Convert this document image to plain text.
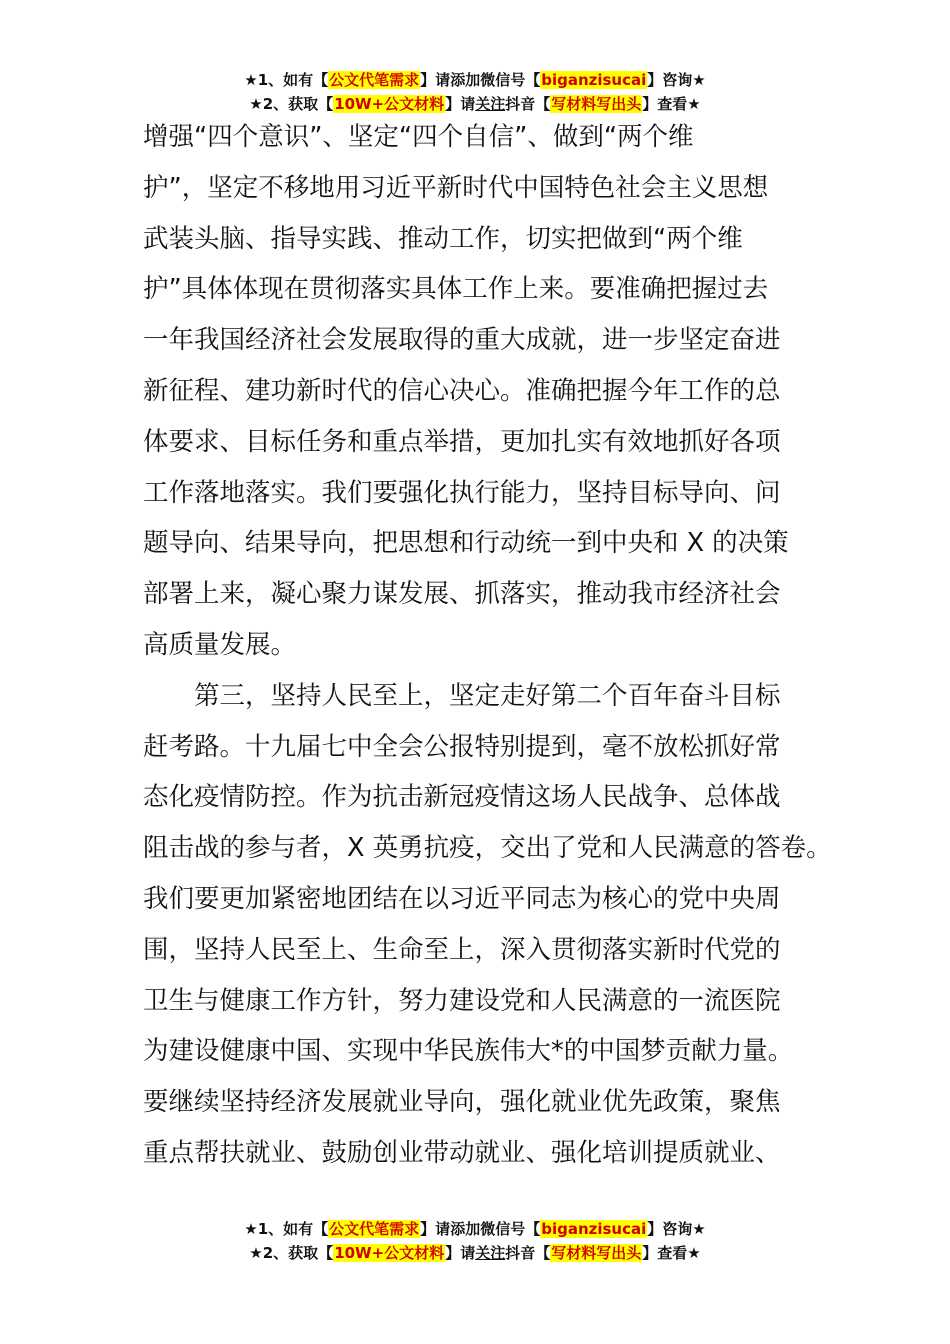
★1、如有【公文代笔需求】请添加微信号【biganzisucai】咨询★
★2、获取【10W+公文材料】请关注抖音【写材料写出头】查看★
增强“四个意识”、坚定“四个自信”、做到“两个维
护”，坚定不移地用习近平新时代中国特色社会主义思想
武装头脑、指导实践、推动工作，切实把做到“两个维
护”具体体现在贯彻落实具体工作上来。要准确把握过去
一年我国经济社会发展取得的重大成就，进一步坚定奋进
新征程、建功新时代的信心决心。准确把握今年工作的总
体要求、目标任务和重点举措，更加扎实有效地抓好各项
工作落地落实。我们要强化执行能力，坚持目标导向、问
题导向、结果导向，把思想和行动统一到中央和 X 的决策
部署上来，凝心聚力谋发展、抓落实，推动我市经济社会
高质量发展。
第三，坚持人民至上，坚定走好第二个百年奋斗目标
赶考路。十九届七中全会公报特别提到，毫不放松抓好常
态化疫情防控。作为抗击新冠疫情这场人民战争、总体战
阻击战的参与者，X 英勇抗疫，交出了党和人民满意的答卷。
我们要更加紧密地团结在以习近平同志为核心的党中央周
围，坚持人民至上、生命至上，深入贯彻落实新时代党的
卫生与健康工作方针，努力建设党和人民满意的一流医院
为建设健康中国、实现中华民族伟大*的中国梦贡献力量。
要继续坚持经济发展就业导向，强化就业优先政策，聚焦
重点帮扶就业、鼓励创业带动就业、强化培训提质就业、
★1、如有【公文代笔需求】请添加微信号【biganzisucai】咨询★
★2、获取【10W+公文材料】请关注抖音【写材料写出头】查看★
